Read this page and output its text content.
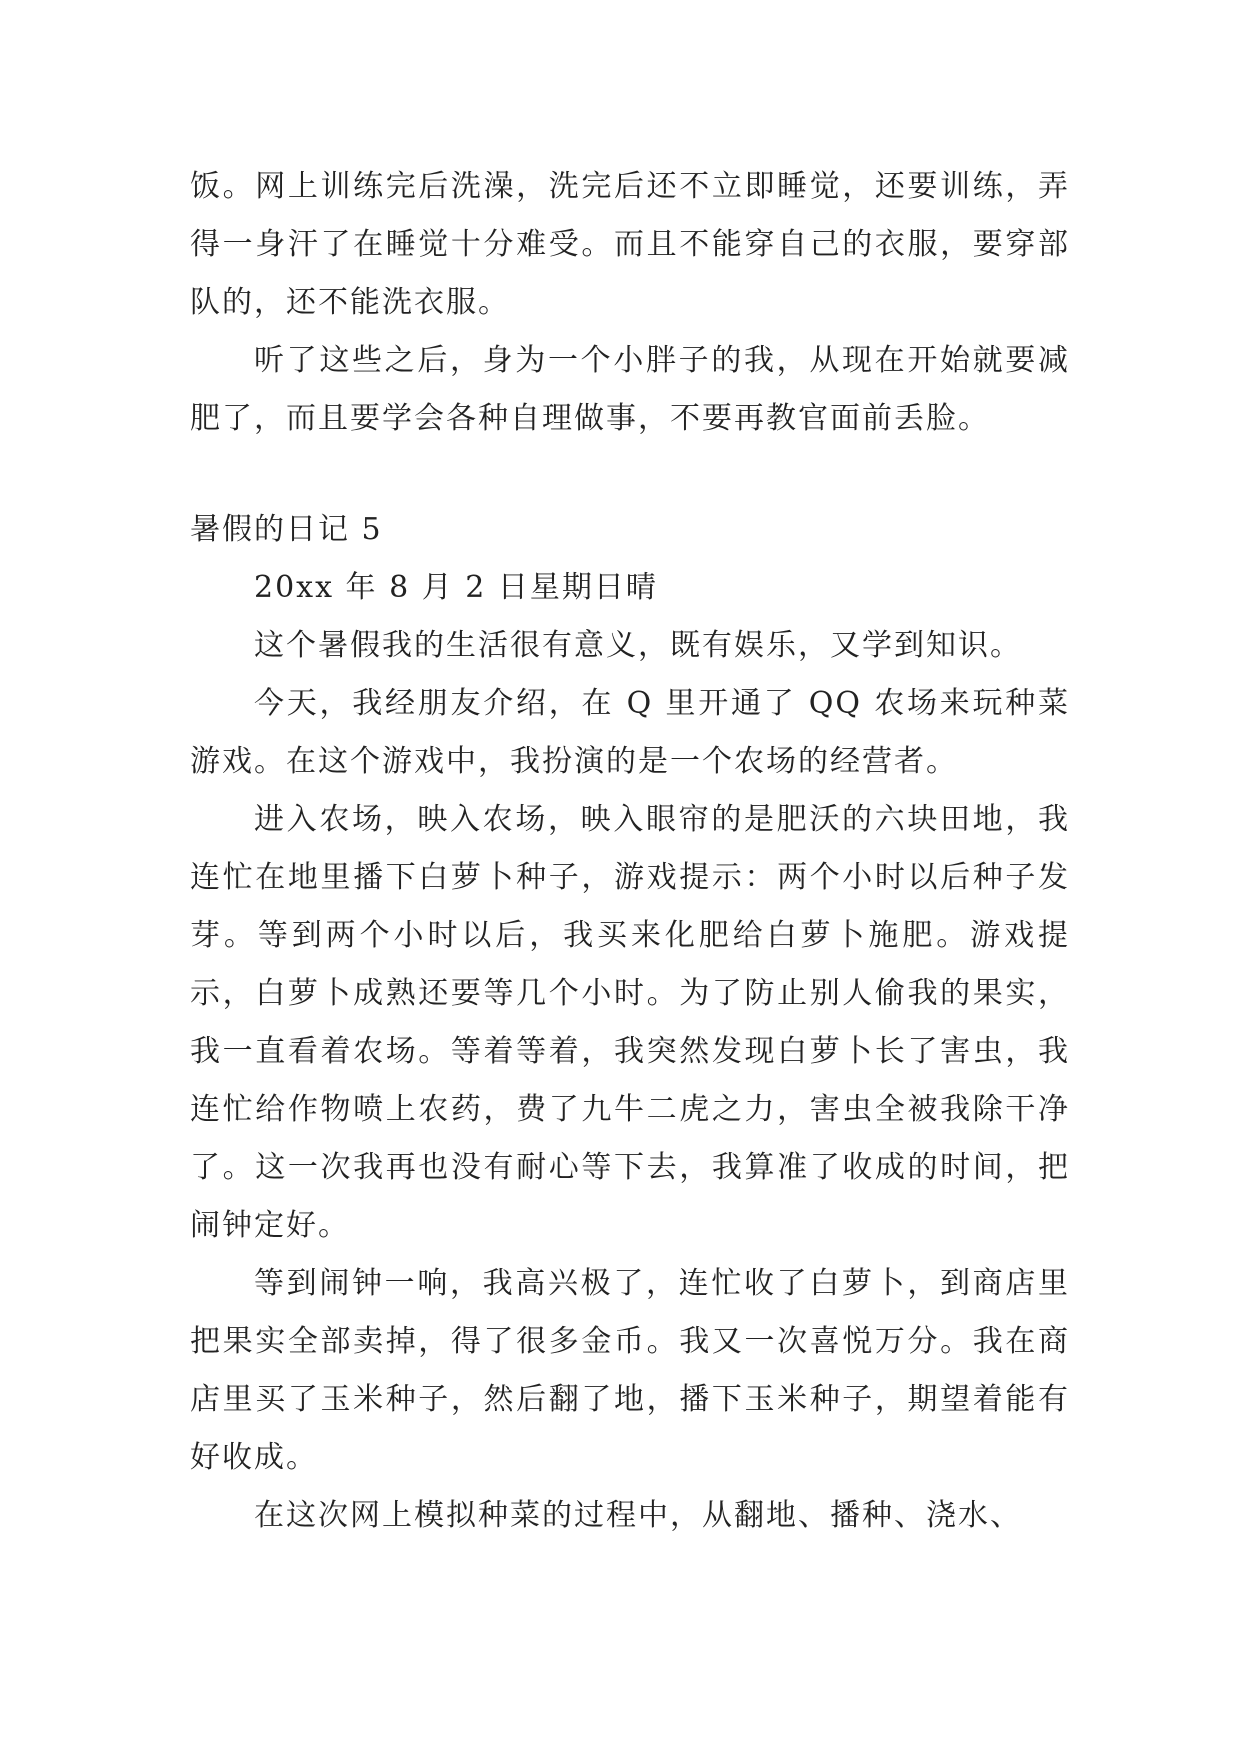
饭。网上训练完后洗澡，洗完后还不立即睡觉，还要训练，弄得一身汗了在睡觉十分难受。而且不能穿自己的衣服，要穿部队的，还不能洗衣服。

听了这些之后，身为一个小胖子的我，从现在开始就要减肥了，而且要学会各种自理做事，不要再教官面前丢脸。

暑假的日记 5

20xx 年 8 月 2 日星期日晴

这个暑假我的生活很有意义，既有娱乐，又学到知识。

今天，我经朋友介绍，在 Q 里开通了 QQ 农场来玩种菜游戏。在这个游戏中，我扮演的是一个农场的经营者。

进入农场，映入农场，映入眼帘的是肥沃的六块田地，我连忙在地里播下白萝卜种子，游戏提示：两个小时以后种子发芽。等到两个小时以后，我买来化肥给白萝卜施肥。游戏提示，白萝卜成熟还要等几个小时。为了防止别人偷我的果实，我一直看着农场。等着等着，我突然发现白萝卜长了害虫，我连忙给作物喷上农药，费了九牛二虎之力，害虫全被我除干净了。这一次我再也没有耐心等下去，我算准了收成的时间，把闹钟定好。

等到闹钟一响，我高兴极了，连忙收了白萝卜，到商店里把果实全部卖掉，得了很多金币。我又一次喜悦万分。我在商店里买了玉米种子，然后翻了地，播下玉米种子，期望着能有好收成。

在这次网上模拟种菜的过程中，从翻地、播种、浇水、
